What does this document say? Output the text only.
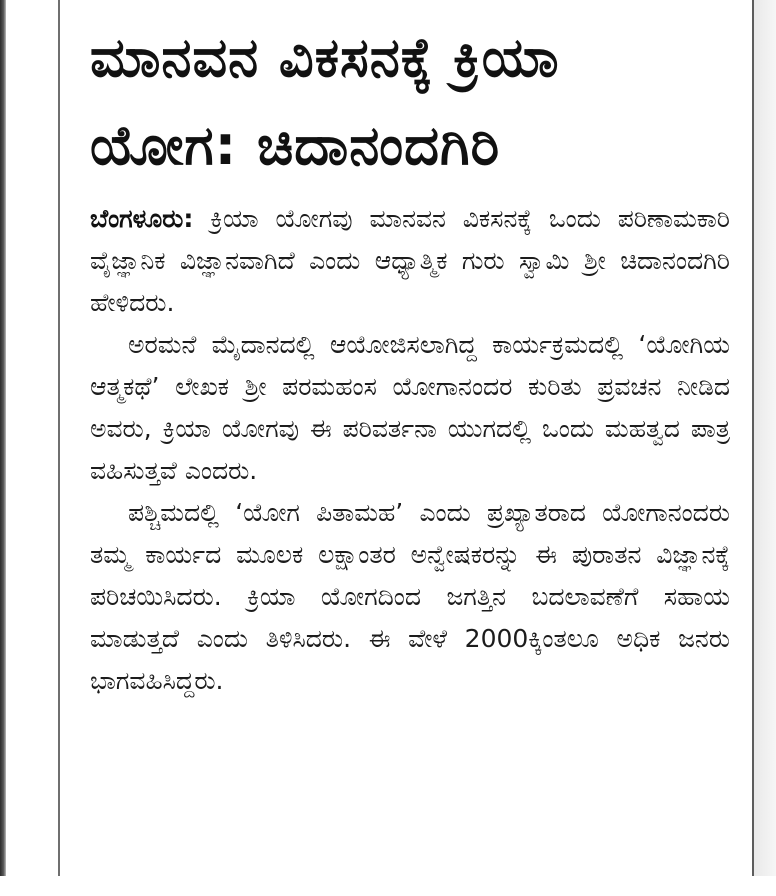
ಮಾನವನ ವಿಕಸನಕ್ಕೆ ಕ್ರಿಯಾ
ಯೋಗ: ಚಿದಾನಂದಗಿರಿ

ಬೆಂಗಳೂರು: ಕ್ರಿಯಾ ಯೋಗವು ಮಾನವನ ವಿಕಸನಕ್ಕೆ ಒಂದು ಪರಿಣಾಮಕಾರಿ ವೈಜ್ಞಾನಿಕ ವಿಜ್ಞಾನವಾಗಿದೆ ಎಂದು ಆಧ್ಯಾತ್ಮಿಕ ಗುರು ಸ್ವಾಮಿ ಶ್ರೀ ಚಿದಾನಂದಗಿರಿ ಹೇಳಿದರು.

ಅರಮನೆ ಮೈದಾನದಲ್ಲಿ ಆಯೋಜಿಸಲಾಗಿದ್ದ ಕಾರ್ಯಕ್ರಮದಲ್ಲಿ ‘ಯೋಗಿಯ ಆತ್ಮಕಥೆ’ ಲೇಖಕ ಶ್ರೀ ಪರಮಹಂಸ ಯೋಗಾನಂದರ ಕುರಿತು ಪ್ರವಚನ ನೀಡಿದ ಅವರು, ಕ್ರಿಯಾ ಯೋಗವು ಈ ಪರಿವರ್ತನಾ ಯುಗದಲ್ಲಿ ಒಂದು ಮಹತ್ವದ ಪಾತ್ರ ವಹಿಸುತ್ತವೆ ಎಂದರು.

ಪಶ್ಚಿಮದಲ್ಲಿ ‘ಯೋಗ ಪಿತಾಮಹ’ ಎಂದು ಪ್ರಖ್ಯಾತರಾದ ಯೋಗಾನಂದರು ತಮ್ಮ ಕಾರ್ಯದ ಮೂಲಕ ಲಕ್ಷಾಂತರ ಅನ್ವೇಷಕರನ್ನು ಈ ಪುರಾತನ ವಿಜ್ಞಾನಕ್ಕೆ ಪರಿಚಯಿಸಿದರು. ಕ್ರಿಯಾ ಯೋಗದಿಂದ ಜಗತ್ತಿನ ಬದಲಾವಣೆಗೆ ಸಹಾಯ ಮಾಡುತ್ತದೆ ಎಂದು ತಿಳಿಸಿದರು. ಈ ವೇಳೆ 2000ಕ್ಕಿಂತಲೂ ಅಧಿಕ ಜನರು ಭಾಗವಹಿಸಿದ್ದರು.
